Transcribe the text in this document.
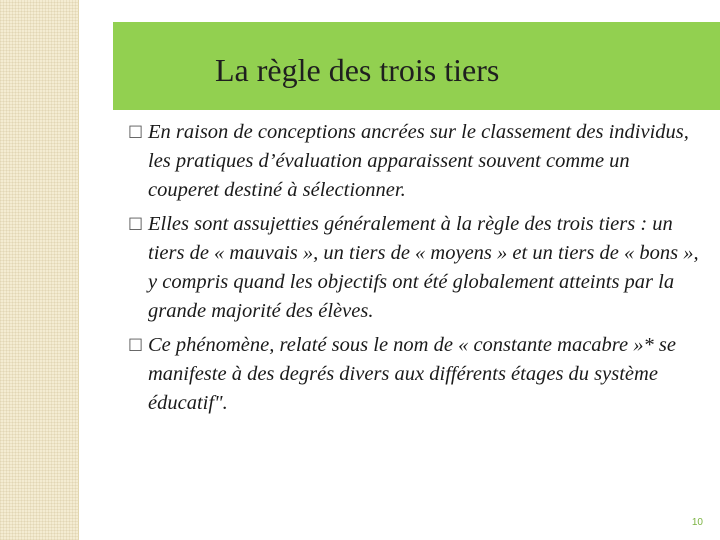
La règle des trois tiers
□ En raison de conceptions ancrées sur le classement des individus, les pratiques d’évaluation apparaissent souvent comme un couperet destiné à sélectionner.
□ Elles sont assujetties généralement à la règle des trois tiers : un tiers de « mauvais », un tiers de « moyens » et un tiers de « bons », y compris quand les objectifs ont été globalement atteints par la grande majorité des élèves.
□ Ce phénomène, relaté sous le nom de « constante macabre »* se manifeste à des degrés divers aux différents étages du système éducatif".
10
